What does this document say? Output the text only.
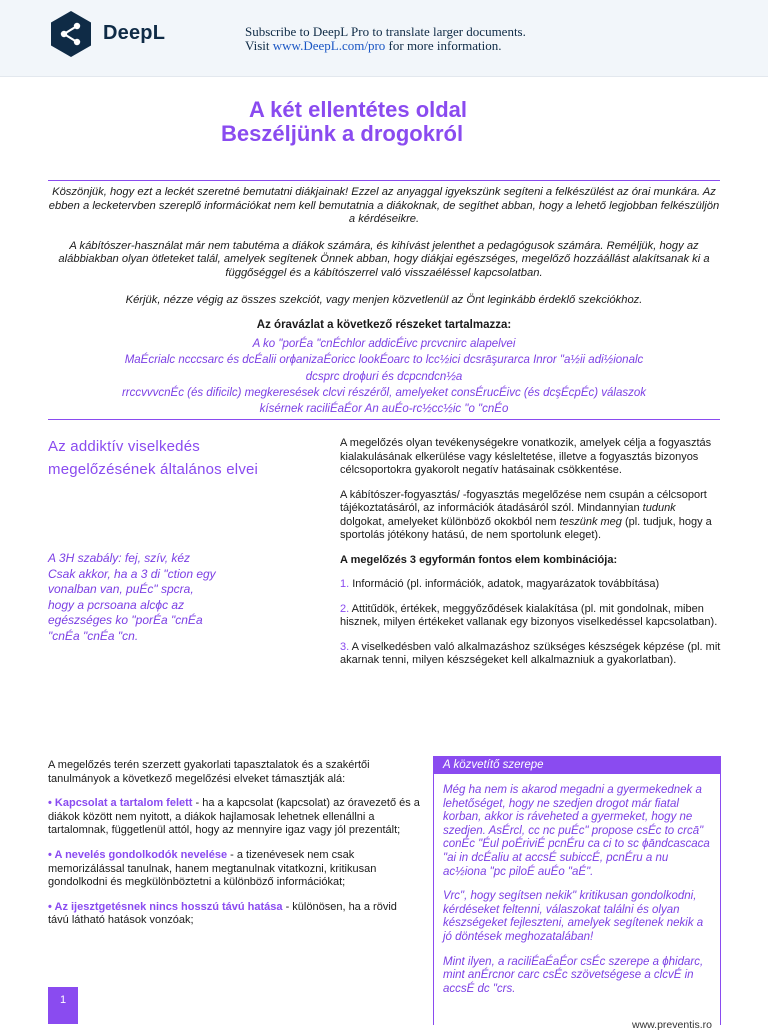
DeepL	Subscribe to DeepL Pro to translate larger documents.
Visit www.DeepL.com/pro for more information.
A két ellentétes oldal
Beszéljünk a drogokról

Köszönjük, hogy ezt a leckét szeretné bemutatni diákjainak! Ezzel az anyaggal igyekszünk segíteni a felkészülést az órai munkára. Az ebben a lecketervben szereplő információkat nem kell bemutatnia a diákoknak, de segíthet abban, hogy a lehető legjobban felkészüljön a kérdéseikre.

A kábítószer-használat már nem tabutéma a diákok számára, és kihívást jelenthet a pedagógusok számára. Reméljük, hogy az alábbiakban olyan ötleteket talál, amelyek segítenek Önnek abban, hogy diákjai egészséges, megelőző hozzáállást alakítsanak ki a függőséggel és a kábítószerrel való visszaéléssel kapcsolatban.

Kérjük, nézze végig az összes szekciót, vagy menjen közvetlenül az Önt leginkább érdeklő szekciókhoz.

Az óravázlat a következő részeket tartalmazza:
A ko "porÉa "cnÉchlor addicÉivc prcvcnirc alapelvei
MaÉcrialc ncccsarc és dcÉalii orɸanizaÉoricc lookÉoarc to lcc½ici dcsrāşurarca Inror "a½ii adi½ionalc
dcsprc droɸuri és dcpcndcn½a
rrccvvvcnÉc (és dificilc) megkeresések clcvi részéről, amelyeket consÉrucÉivc (és dcşÉcpÉc) válaszok
kísérnek raciliÉaÉor An auÉo-rc½cc½ic "o "cnÉo
Az addiktív viselkedés megelőzésének általános elvei
A 3H szabály: fej, szív, kéz Csak akkor, ha a 3 di "ction egy vonalban van, puÉc" spcra, hogy a pcrsoana alcɸc az egészséges ko "porÉa "cnÉa "cnÉa "cnÉa "cn.

A megelőzés olyan tevékenységekre vonatkozik, amelyek célja a fogyasztás kialakulásának elkerülése vagy késleltetése, illetve a fogyasztás bizonyos célcsoportokra gyakorolt negatív hatásainak csökkentése.

A kábítószer-fogyasztás/ -fogyasztás megelőzése nem csupán a célcsoport tájékoztatásáról, az információk átadásáról szól. Mindannyian tudunk dolgokat, amelyeket különböző okokból nem teszünk meg (pl. tudjuk, hogy a sportolás jótékony hatású, de nem sportolunk eleget).

A megelőzés 3 egyformán fontos elem kombinációja:

1. Információ (pl. információk, adatok, magyarázatok továbbítása)

2. Attitűdök, értékek, meggyőződések kialakítása (pl. mit gondolnak, miben hisznek, milyen értékeket vallanak egy bizonyos viselkedéssel kapcsolatban).

3. A viselkedésben való alkalmazáshoz szükséges készségek képzése (pl. mit akarnak tenni, milyen készségeket kell alkalmazniuk a gyakorlatban).

A megelőzés terén szerzett gyakorlati tapasztalatok és a szakértői tanulmányok a következő megelőzési elveket támasztják alá:

• Kapcsolat a tartalom felett - ha a kapcsolat (kapcsolat) az óravezető és a diákok között nem nyitott, a diákok hajlamosak lehetnek ellenállni a tartalomnak, függetlenül attól, hogy az mennyire igaz vagy jól prezentált;

• A nevelés gondolkodók nevelése - a tizenévesek nem csak memorizálással tanulnak, hanem megtanulnak vitatkozni, kritikusan gondolkodni és megkülönböztetni a különböző információkat;

• Az ijesztgetésnek nincs hosszú távú hatása - különösen, ha a rövid távú látható hatások vonzóak;

A közvetítő szerepe

Még ha nem is akarod megadni a gyermekednek a lehetőséget, hogy ne szedjen drogot már fiatal korban, akkor is ráveheted a gyermeket, hogy ne szedjen. AsÉrcl, cc nc puÉc" propose csÉc to crcā" conÉc "Éul poÉriviÉ pcnÉru ca ci to sc ɸāndcascaca "ai in dcÉaliu at accsÉ subiccÉ, pcnÉru a nu ac½iona "pc piloÉ auÉo "aÉ".

Vrc", hogy segítsen nekik" kritikusan gondolkodni, kérdéseket feltenni, válaszokat találni és olyan készségeket fejleszteni, amelyek segítenek nekik a jó döntések meghozatalában!

Mint ilyen, a raciliÉaÉaÉor csÉc szerepe a ɸhidarc, mint anÉrcnor carc csÉc szövetségese a clcvÉ in accsÉ dc "crs.

1
www.preventis.ro
